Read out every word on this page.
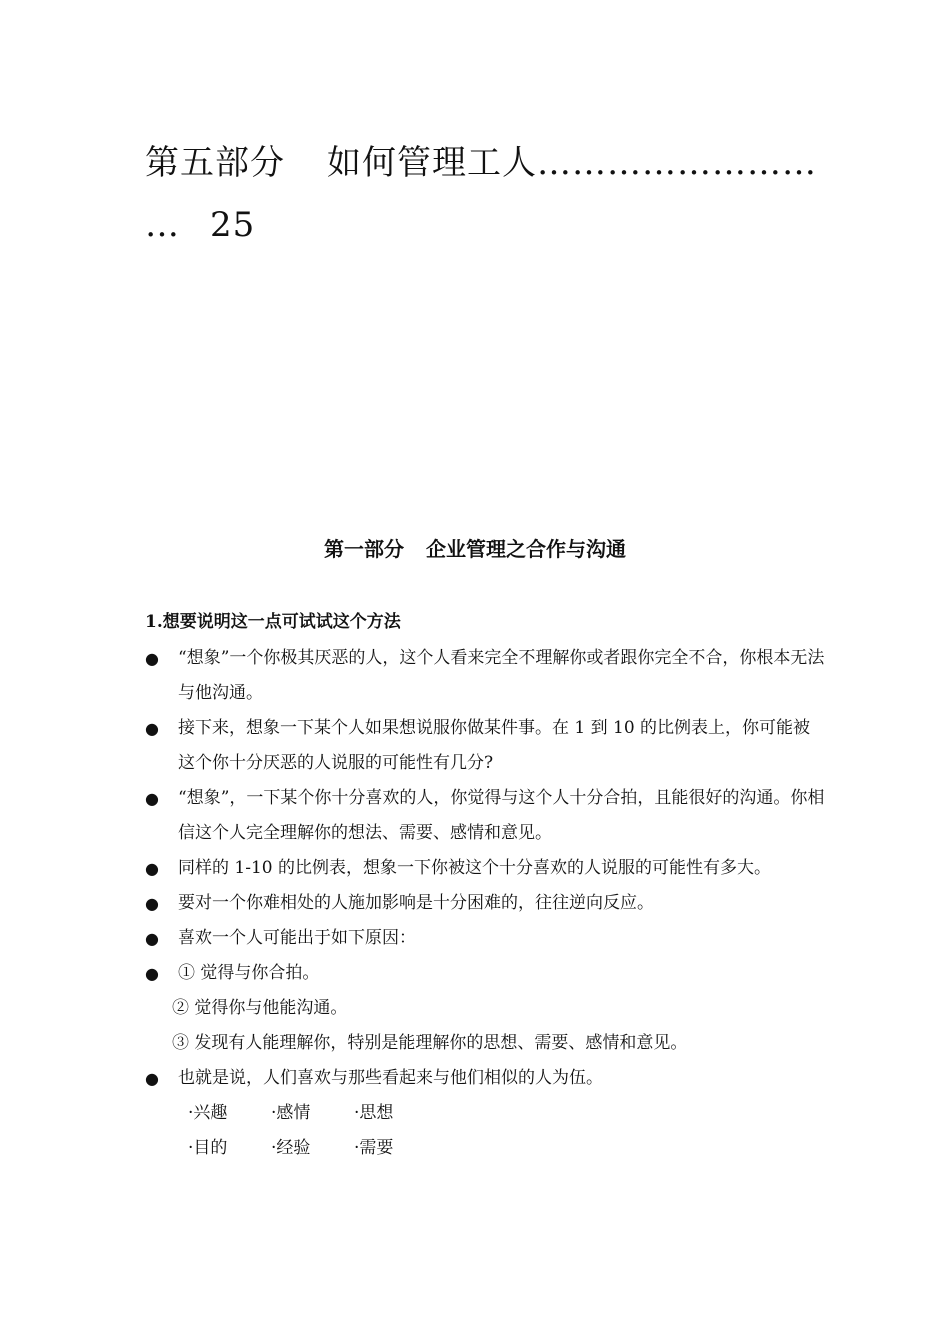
第五部分 如何管理工人……………………
… 25
第一部分 企业管理之合作与沟通
1.想要说明这一点可试试这个方法
● “想象”一个你极其厌恶的人，这个人看来完全不理解你或者跟你完全不合，你根本无法与他沟通。
● 接下来，想象一下某个人如果想说服你做某件事。在 1 到 10 的比例表上，你可能被这个你十分厌恶的人说服的可能性有几分?
● “想象”，一下某个你十分喜欢的人，你觉得与这个人十分合拍，且能很好的沟通。你相信这个人完全理解你的想法、需要、感情和意见。
● 同样的 1-10 的比例表，想象一下你被这个十分喜欢的人说服的可能性有多大。
● 要对一个你难相处的人施加影响是十分困难的，往往逆向反应。
● 喜欢一个人可能出于如下原因：
● ① 觉得与你合拍。
② 觉得你与他能沟通。
③ 发现有人能理解你，特别是能理解你的思想、需要、感情和意见。
● 也就是说，人们喜欢与那些看起来与他们相似的人为伍。
·兴趣	·感情	·思想
·目的	·经验	·需要
